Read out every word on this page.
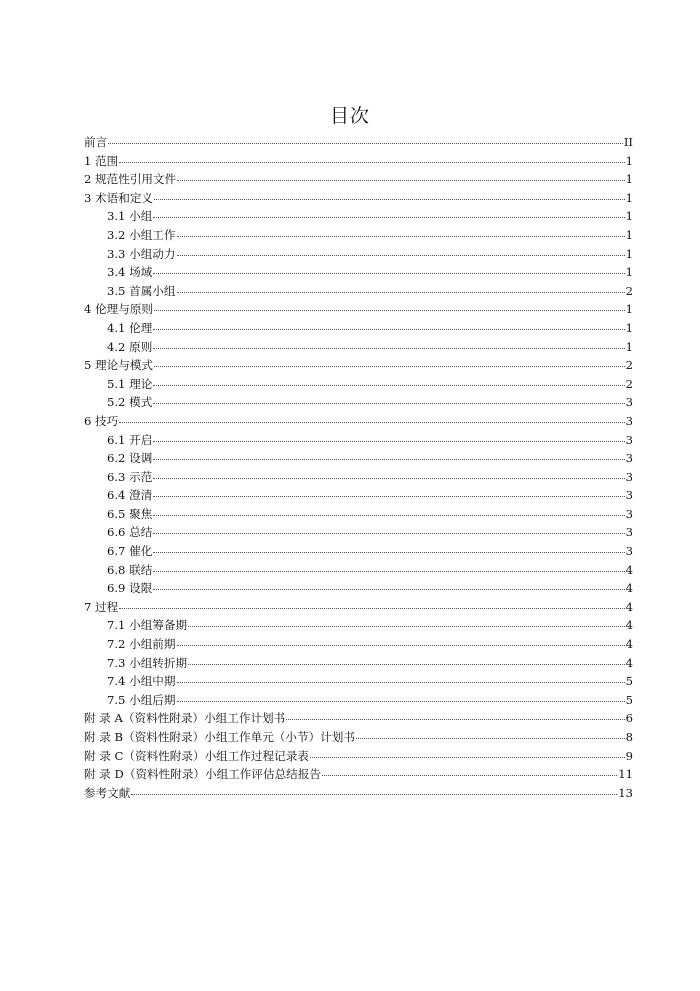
目次
前言	II
1 范围	1
2 规范性引用文件	1
3 术语和定义	1
3.1 小组	1
3.2 小组工作	1
3.3 小组动力	1
3.4 场域	1
3.5 首属小组	2
4 伦理与原则	1
4.1 伦理	1
4.2 原则	1
5 理论与模式	2
5.1 理论	2
5.2 模式	3
6 技巧	3
6.1 开启	3
6.2 设调	3
6.3 示范	3
6.4 澄清	3
6.5 聚焦	3
6.6 总结	3
6.7 催化	3
6.8 联结	4
6.9 设限	4
7 过程	4
7.1 小组筹备期	4
7.2 小组前期	4
7.3 小组转折期	4
7.4 小组中期	5
7.5 小组后期	5
附 录 A（资料性附录）小组工作计划书	6
附 录 B（资料性附录）小组工作单元（小节）计划书	8
附 录 C（资料性附录）小组工作过程记录表	9
附 录 D（资料性附录）小组工作评估总结报告	11
参考文献	13
